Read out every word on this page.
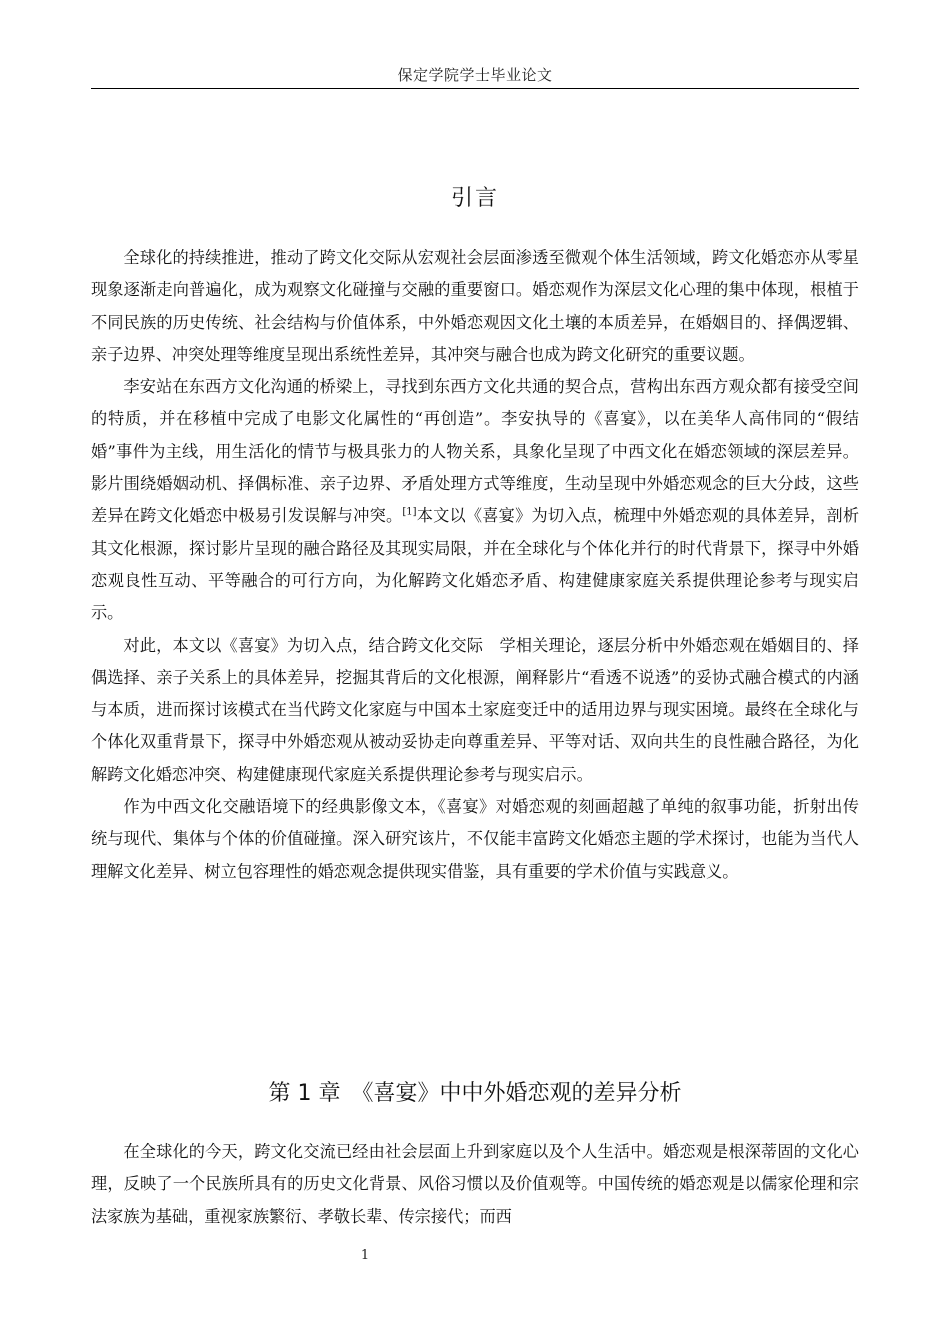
保定学院学士毕业论文
引言

全球化的持续推进，推动了跨文化交际从宏观社会层面渗透至微观个体生活领域，跨文化婚恋亦从零星现象逐渐走向普遍化，成为观察文化碰撞与交融的重要窗口。婚恋观作为深层文化心理的集中体现，根植于不同民族的历史传统、社会结构与价值体系，中外婚恋观因文化土壤的本质差异，在婚姻目的、择偶逻辑、亲子边界、冲突处理等维度呈现出系统性差异，其冲突与融合也成为跨文化研究的重要议题。

李安站在东西方文化沟通的桥梁上，寻找到东西方文化共通的契合点，营构出东西方观众都有接受空间的特质，并在移植中完成了电影文化属性的“再创造”。李安执导的《喜宴》，以在美华人高伟同的“假结婚”事件为主线，用生活化的情节与极具张力的人物关系，具象化呈现了中西文化在婚恋领域的深层差异。影片围绕婚姻动机、择偶标准、亲子边界、矛盾处理方式等维度，生动呈现中外婚恋观念的巨大分歧，这些差异在跨文化婚恋中极易引发误解与冲突。[1]本文以《喜宴》为切入点，梳理中外婚恋观的具体差异，剖析其文化根源，探讨影片呈现的融合路径及其现实局限，并在全球化与个体化并行的时代背景下，探寻中外婚恋观良性互动、平等融合的可行方向，为化解跨文化婚恋矛盾、构建健康家庭关系提供理论参考与现实启示。

对此，本文以《喜宴》为切入点，结合跨文化交际　学相关理论，逐层分析中外婚恋观在婚姻目的、择偶选择、亲子关系上的具体差异，挖掘其背后的文化根源，阐释影片“看透不说透”的妥协式融合模式的内涵与本质，进而探讨该模式在当代跨文化家庭与中国本土家庭变迁中的适用边界与现实困境。最终在全球化与个体化双重背景下，探寻中外婚恋观从被动妥协走向尊重差异、平等对话、双向共生的良性融合路径，为化解跨文化婚恋冲突、构建健康现代家庭关系提供理论参考与现实启示。

作为中西文化交融语境下的经典影像文本，《喜宴》对婚恋观的刻画超越了单纯的叙事功能，折射出传统与现代、集体与个体的价值碰撞。深入研究该片，不仅能丰富跨文化婚恋主题的学术探讨，也能为当代人理解文化差异、树立包容理性的婚恋观念提供现实借鉴，具有重要的学术价值与实践意义。

第 1 章　《喜宴》中中外婚恋观的差异分析

在全球化的今天，跨文化交流已经由社会层面上升到家庭以及个人生活中。婚恋观是根深蒂固的文化心理，反映了一个民族所具有的历史文化背景、风俗习惯以及价值观等。中国传统的婚恋观是以儒家伦理和宗法家族为基础，重视家族繁衍、孝敬长辈、传宗接代；而西

1
